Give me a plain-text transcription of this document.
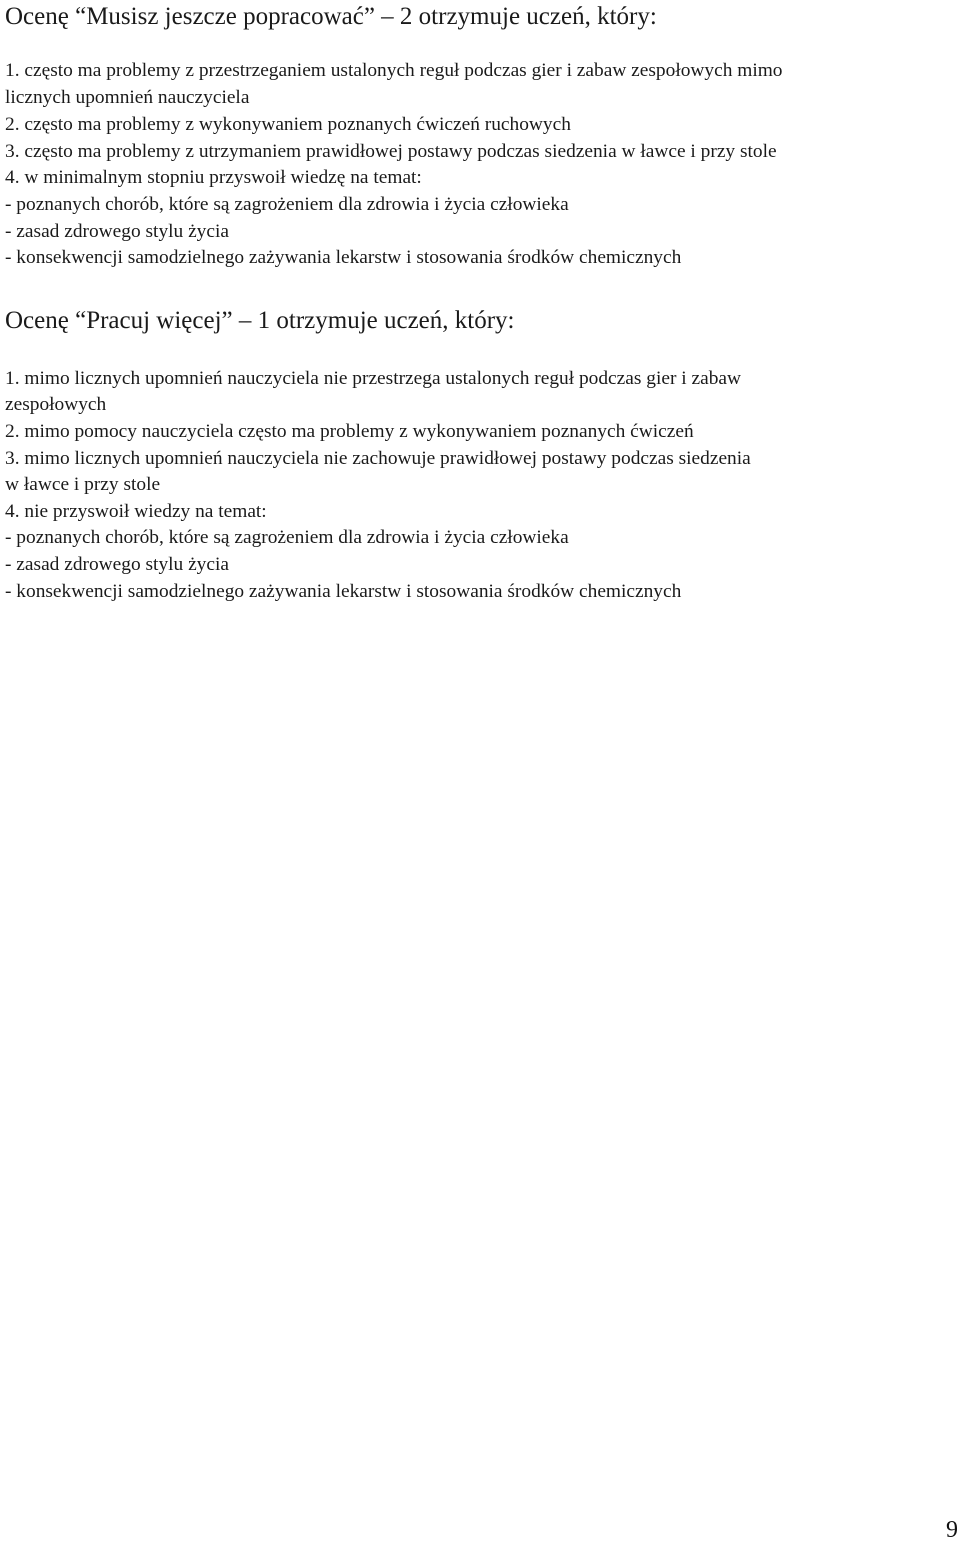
Ocenę “Musisz jeszcze popracować” – 2 otrzymuje uczeń, który:
1. często ma problemy z przestrzeganiem ustalonych reguł podczas gier i zabaw zespołowych mimo
licznych upomnień nauczyciela
2. często ma problemy z wykonywaniem poznanych ćwiczeń ruchowych
3. często ma problemy z utrzymaniem prawidłowej postawy podczas siedzenia w ławce i przy stole
4. w minimalnym stopniu przyswoił wiedzę na temat:
- poznanych chorób, które są zagrożeniem dla zdrowia i życia człowieka
- zasad zdrowego stylu życia
- konsekwencji samodzielnego zażywania lekarstw i stosowania środków chemicznych
Ocenę “Pracuj więcej” – 1 otrzymuje uczeń, który:
1. mimo licznych upomnień nauczyciela nie przestrzega ustalonych reguł podczas gier i zabaw
zespołowych
2. mimo pomocy nauczyciela często ma problemy z wykonywaniem poznanych ćwiczeń
3. mimo licznych upomnień nauczyciela nie zachowuje prawidłowej postawy podczas siedzenia
w ławce i przy stole
4. nie przyswoił wiedzy na temat:
- poznanych chorób, które są zagrożeniem dla zdrowia i życia człowieka
- zasad zdrowego stylu życia
- konsekwencji samodzielnego zażywania lekarstw i stosowania środków chemicznych
9
